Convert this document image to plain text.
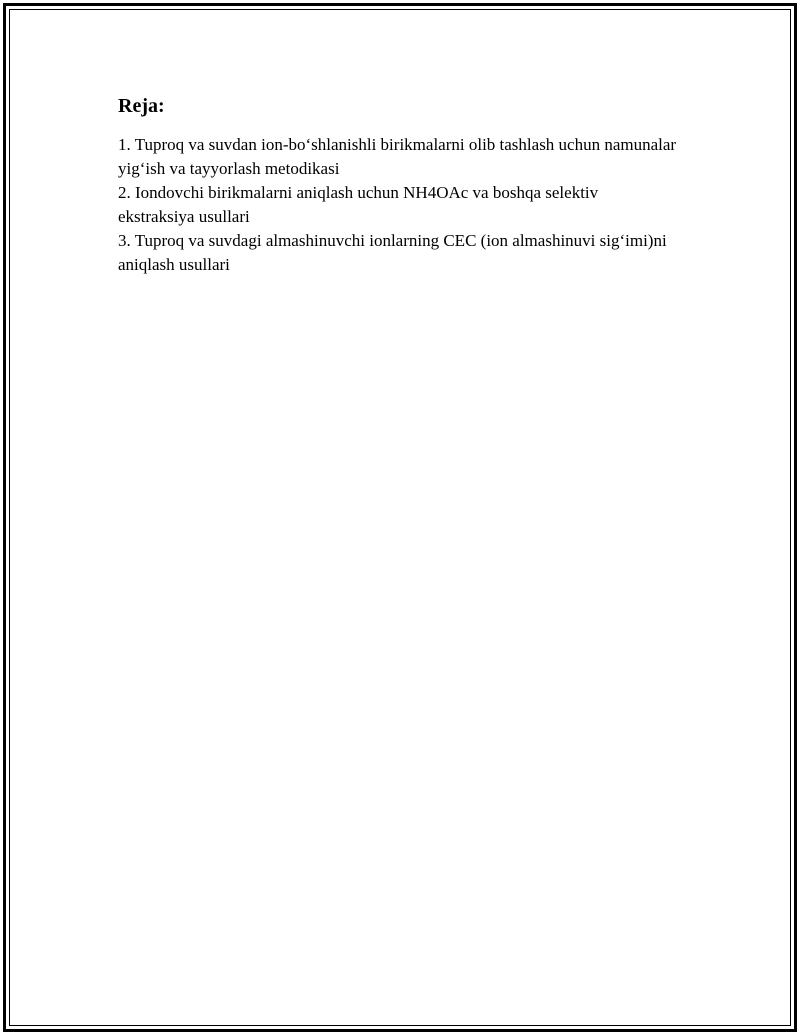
Reja:
1. Tuproq va suvdan ion-bo‘shlanishli birikmalarni olib tashlash uchun namunalar yig‘ish va tayyorlash metodikasi
2. Iondovchi birikmalarni aniqlash uchun NH4OAc va boshqa selektiv ekstraksiya usullari
3. Tuproq va suvdagi almashinuvchi ionlarning CEC (ion almashinuvi sig‘imi)ni aniqlash usullari
